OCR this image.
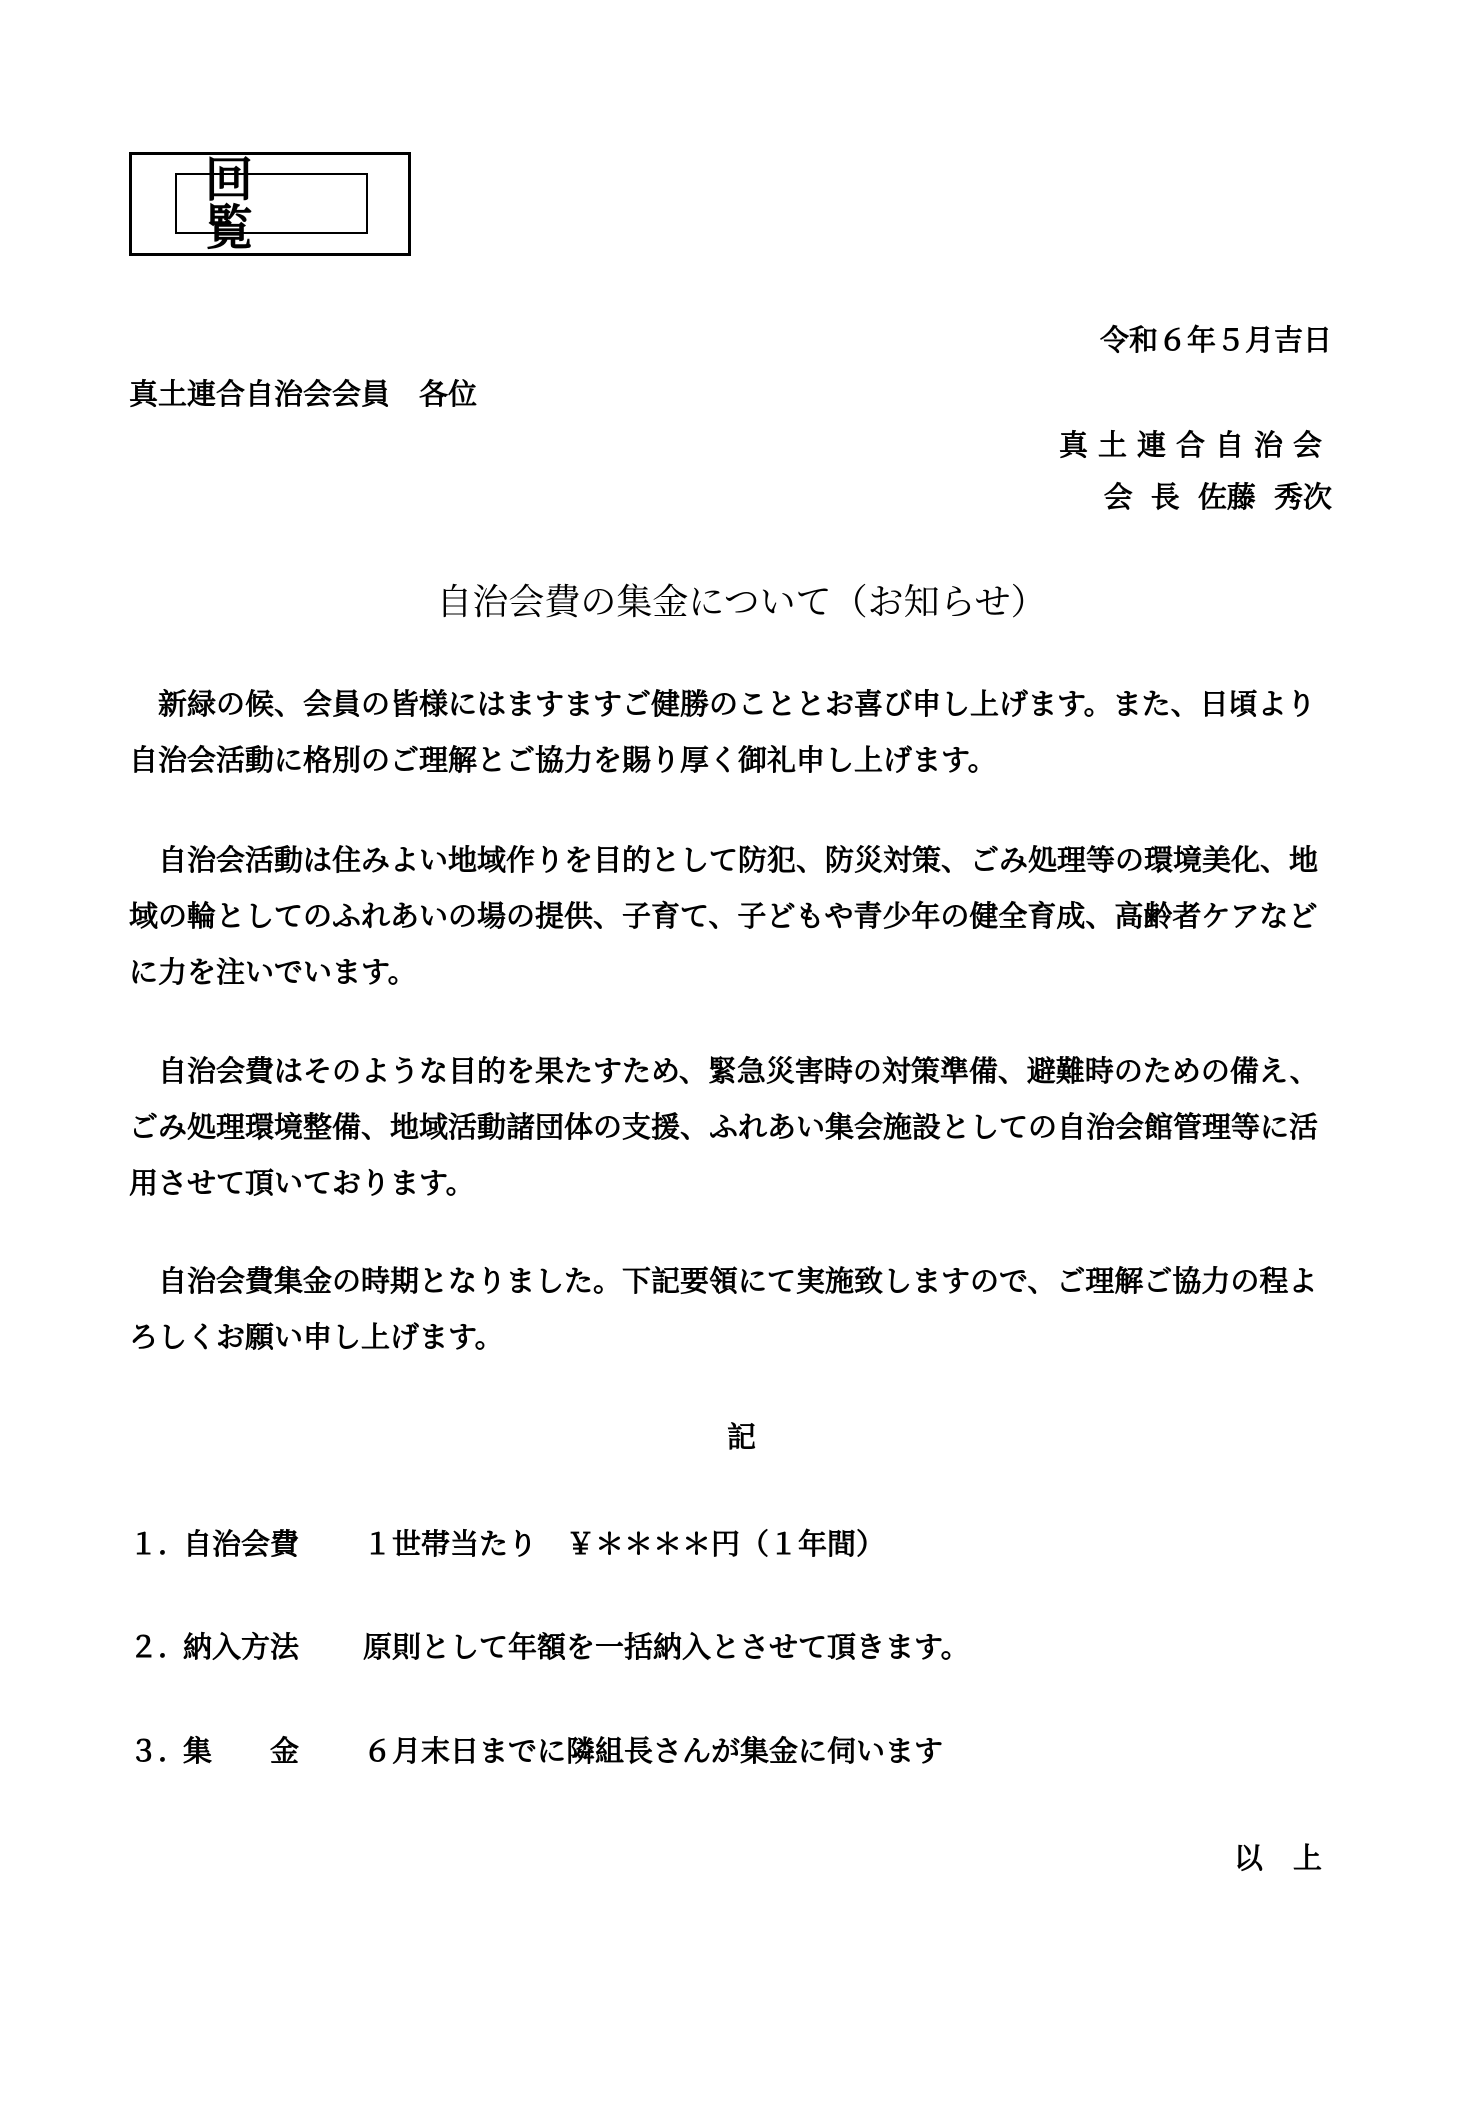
回 覧
令和６年５月吉日
真土連合自治会会員　各位
真土連合自治会
会 長 佐藤 秀次
自治会費の集金について（お知らせ）

新緑の候、会員の皆様にはますますご健勝のこととお喜び申し上げます。また、日頃より自治会活動に格別のご理解とご協力を賜り厚く御礼申し上げます。

自治会活動は住みよい地域作りを目的として防犯、防災対策、ごみ処理等の環境美化、地域の輪としてのふれあいの場の提供、子育て、子どもや青少年の健全育成、高齢者ケアなどに力を注いでいます。

自治会費はそのような目的を果たすため、緊急災害時の対策準備、避難時のための備え、ごみ処理環境整備、地域活動諸団体の支援、ふれあい集会施設としての自治会館管理等に活用させて頂いております。

自治会費集金の時期となりました。下記要領にて実施致しますので、ご理解ご協力の程よろしくお願い申し上げます。

記
１．自治会費 １世帯当たり　￥＊＊＊＊円（１年間）
２．納入方法 原則として年額を一括納入とさせて頂きます。
３．集　　金 ６月末日までに隣組長さんが集金に伺います
以 上
